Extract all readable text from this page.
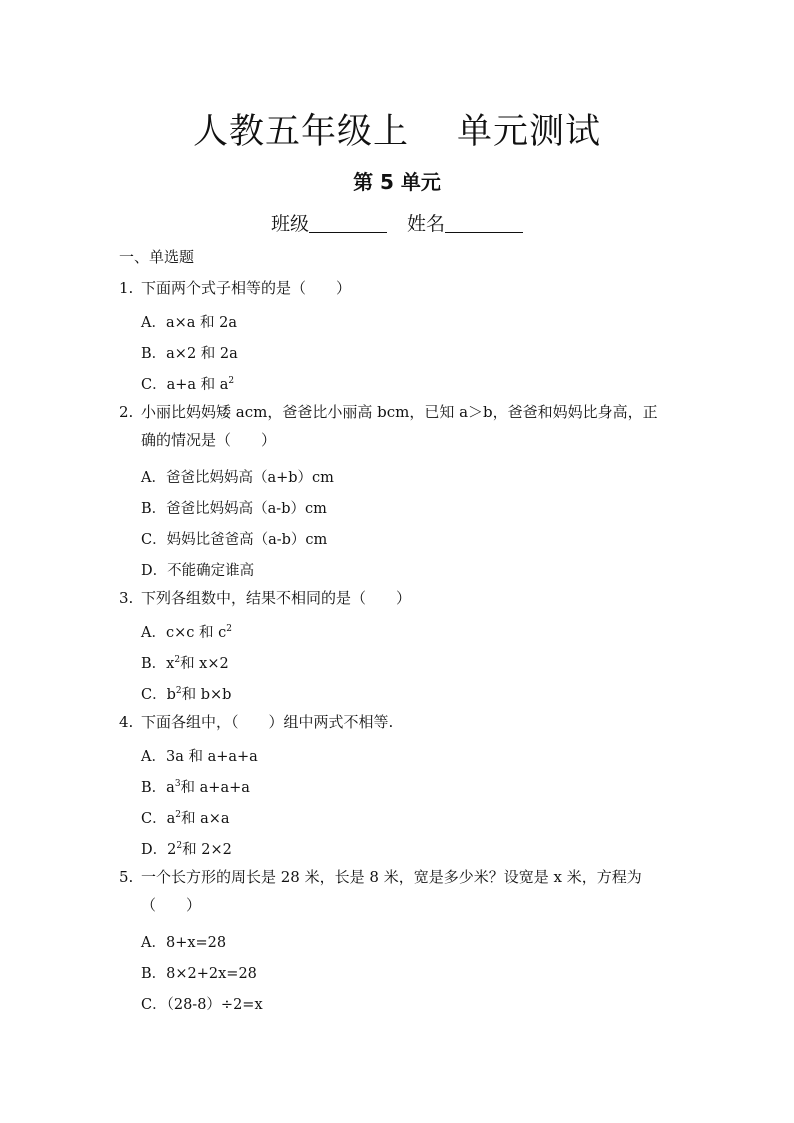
人教五年级上 单元测试
第 5 单元
班级	姓名
一、单选题
1. 下面两个式子相等的是（　　）
A．a×a 和 2a
B．a×2 和 2a
C．a+a 和 $a^2$
2. 小丽比妈妈矮 acm，爸爸比小丽高 bcm，已知 a＞b，爸爸和妈妈比身高，正
确的情况是（　　）
A．爸爸比妈妈高（a+b）cm
B．爸爸比妈妈高（a-b）cm
C．妈妈比爸爸高（a-b）cm
D．不能确定谁高
3. 下列各组数中，结果不相同的是（　　）
A．c×c 和 $c^2$
B．$x^2$和 x×2
C．$b^2$和 b×b
4. 下面各组中，（　　）组中两式不相等.
A．3a 和 a+a+a
B．$a^3$和 a+a+a
C．$a^2$和 a×a
D．$2^2$和 2×2
5. 一个长方形的周长是 28 米，长是 8 米，宽是多少米？设宽是 x 米，方程为
（　　）
A．8+x=28
B．8×2+2x=28
C．（28-8）÷2=x
